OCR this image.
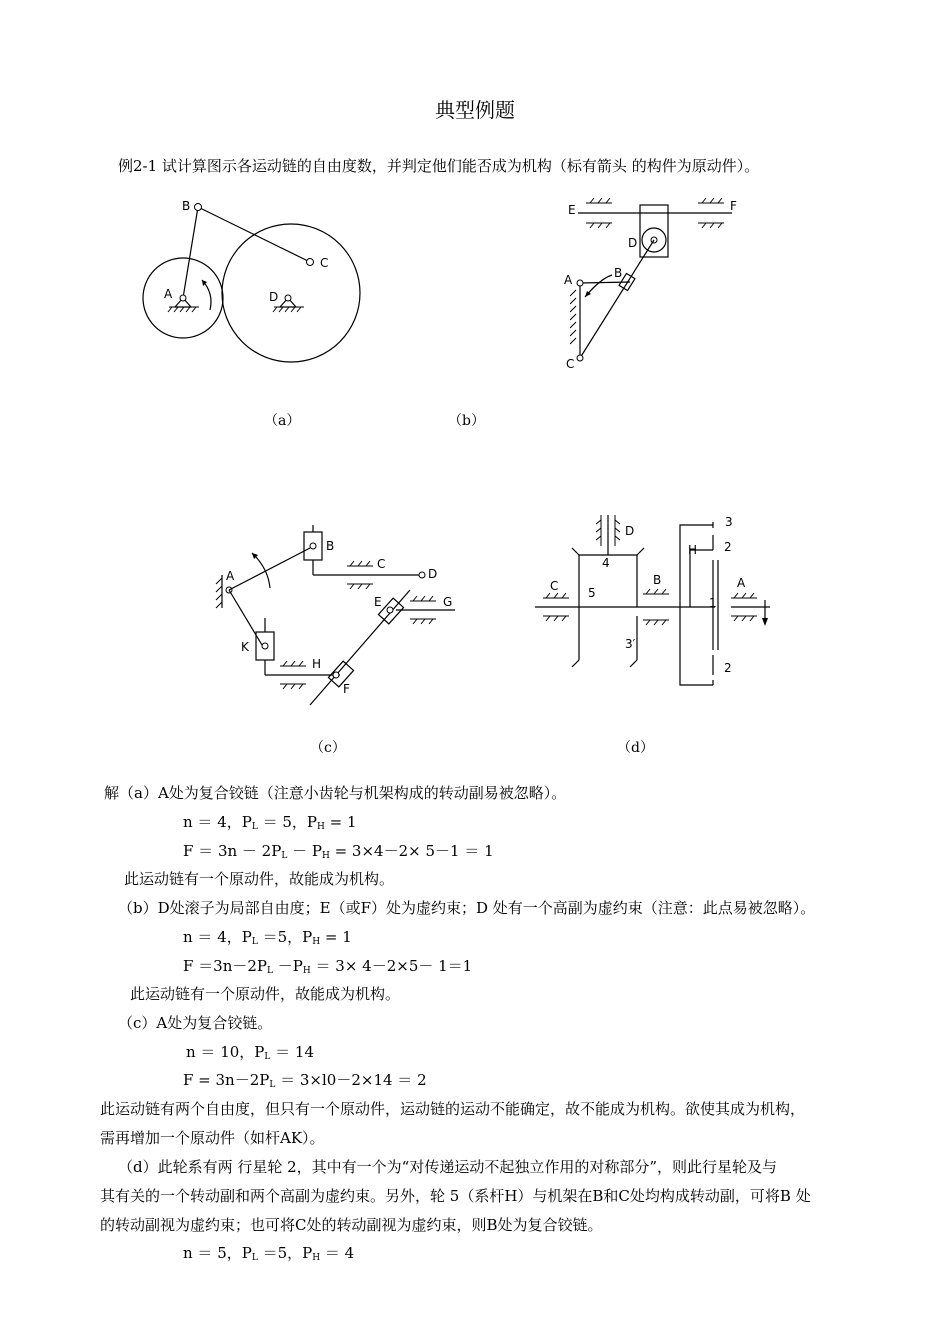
典型例题
例2-1 试计算图示各运动链的自由度数，并判定他们能否成为机构（标有箭头 的构件为原动件）。
A
B
C
D
E	F
D
A	B
C
（a）	（b）
A
B
C
D
E
F
G
H
K
D
4
3
H 2
C 5
B
1
A
3′
2
（c）	（d）
解（a）A处为复合铰链（注意小齿轮与机架构成的转动副易被忽略）。
n ＝ 4，$P_L = 5$，$P_H = 1$
$F = 3n - 2P_L - P_H = 3\times 4-2\times 5-1 = 1$
此运动链有一个原动件，故能成为机构。
（b）D处滚子为局部自由度；E（或F）处为虚约束；D 处有一个高副为虚约束（注意：此点易被忽略）。
n ＝ 4，$P_L =5$，$P_H = 1$
$F =3n-2P_L -P_H = 3\times 4-2\times 5- 1=1$
此运动链有一个原动件，故能成为机构。
（c）A处为复合铰链。
n ＝ 10，$P_L = 14$
$F = 3n-2P_L = 3\times l0-2\times 14 = 2$
此运动链有两个自由度，但只有一个原动件，运动链的运动不能确定，故不能成为机构。欲使其成为机构，
需再增加一个原动件（如杆AK）。
（d）此轮系有两 行星轮 2，其中有一个为“对传递运动不起独立作用的对称部分”，则此行星轮及与
其有关的一个转动副和两个高副为虚约束。另外，轮 5（系杆H）与机架在B和C处均构成转动副，可将B 处
的转动副视为虚约束；也可将C处的转动副视为虚约束，则B处为复合铰链。
n ＝ 5，$P_L =5$，$P_H = 4$
